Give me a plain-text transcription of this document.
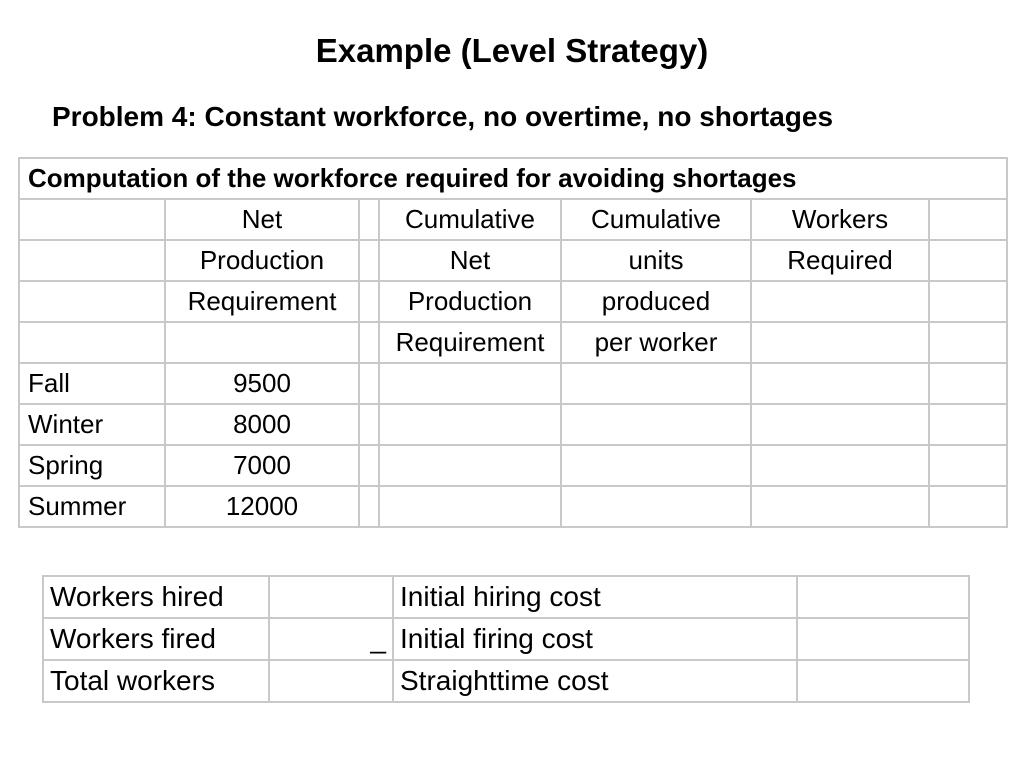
Example (Level Strategy)
Problem 4: Constant workforce, no overtime, no shortages
Computation of the workforce required for avoiding shortages						
	Net		Cumulative	Cumulative	Workers	
	Production		Net	units	Required	
	Requirement		Production	produced		
			Requirement	per worker		
Fall	9500					
Winter	8000					
Spring	7000					
Summer	12000					
Workers hired		Initial hiring cost	
Workers fired	_	Initial firing cost	
Total workers		Straighttime cost	
